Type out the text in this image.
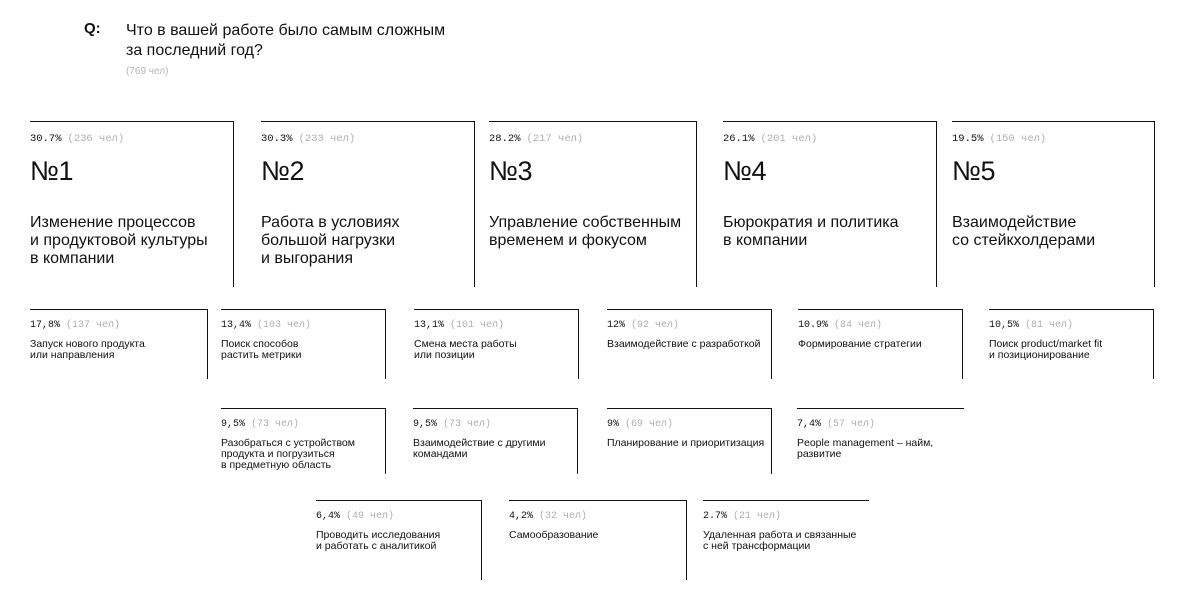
Q: Что в вашей работе было самым сложным
за последний год?
(769 чел)
30.7% (236 чел)
№1
Изменение процессов
и продуктовой культуры
в компании
30.3% (233 чел)
№2
Работа в условиях
большой нагрузки
и выгорания
28.2% (217 чел)
№3
Управление собственным
временем и фокусом
26.1% (201 чел)
№4
Бюрократия и политика
в компании
19.5% (150 чел)
№5
Взаимодействие
со стейкхолдерами
17,8% (137 чел)
Запуск нового продукта
или направления
13,4% (103 чел)
Поиск способов
растить метрики
13,1% (101 чел)
Смена места работы
или позиции
12% (92 чел)
Взаимодействие с разработкой
10.9% (84 чел)
Формирование стратегии
10,5% (81 чел)
Поиск product/market fit
и позиционирование
9,5% (73 чел)
Разобраться с устройством
продукта и погрузиться
в предметную область
9,5% (73 чел)
Взаимодействие с другими
командами
9% (69 чел)
Планирование и приоритизация
7,4% (57 чел)
People management – найм,
развитие
6,4% (49 чел)
Проводить исследования
и работать с аналитикой
4,2% (32 чел)
Самообразование
2.7% (21 чел)
Удаленная работа и связанные
с ней трансформации
